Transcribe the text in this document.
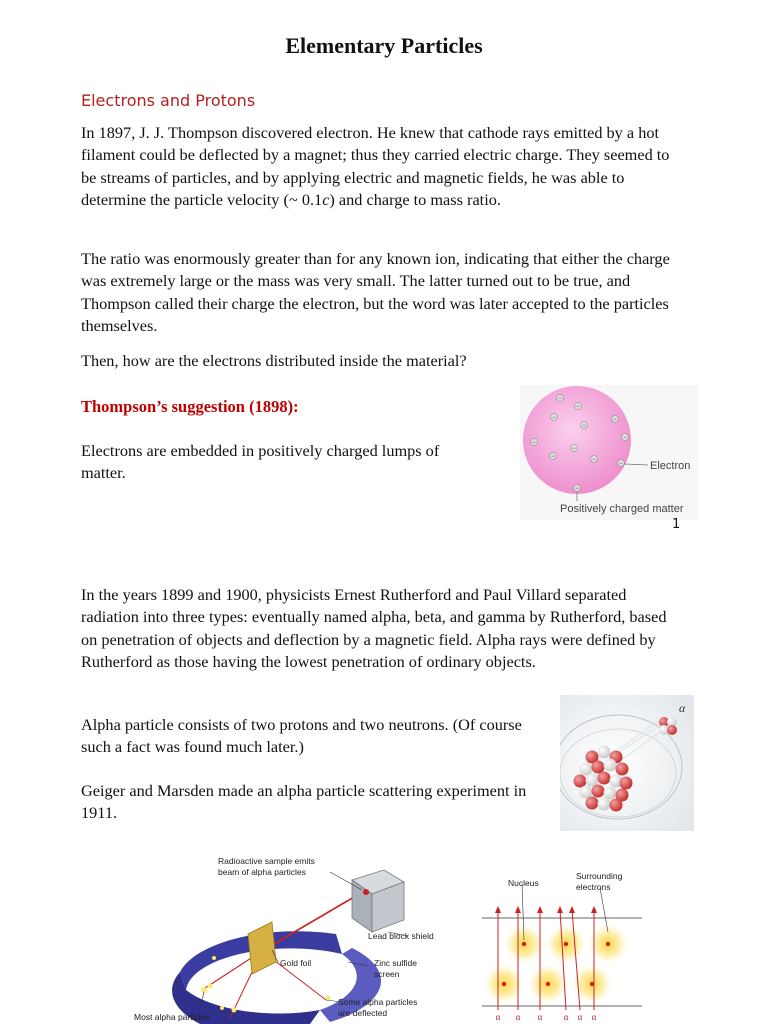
Elementary Particles
Electrons and Protons
In 1897, J. J. Thompson discovered electron. He knew that cathode rays emitted by a hot filament could be deflected by a magnet; thus they carried electric charge. They seemed to be streams of particles, and by applying electric and magnetic fields, he was able to determine the particle velocity (~ 0.1c) and charge to mass ratio.
The ratio was enormously greater than for any known ion, indicating that either the charge was extremely large or the mass was very small. The latter turned out to be true, and Thompson called their charge the electron, but the word was later accepted to the particles themselves.
Then, how are the electrons distributed inside the material?
Thompson’s suggestion (1898):
Electrons are embedded in positively charged lumps of matter.
−
−
−	−
−
−
−
−
−	−
−
−
Electron
Positively charged matter
1
In the years 1899 and 1900, physicists Ernest Rutherford and Paul Villard separated radiation into three types: eventually named alpha, beta, and gamma by Rutherford, based on penetration of objects and deflection by a magnetic field. Alpha rays were defined by Rutherford as those having the lowest penetration of ordinary objects.
Alpha particle consists of two protons and two neutrons. (Of course such a fact was found much later.)
Geiger and Marsden made an alpha particle scattering experiment in 1911.
α
Radioactive sample emits
beam of alpha particles
Lead block shield
Gold foil	Zinc sulfide
screen
Some alpha particles
are deflected
Most alpha particles
Nucleus
Surrounding
electrons
α α α α α α
